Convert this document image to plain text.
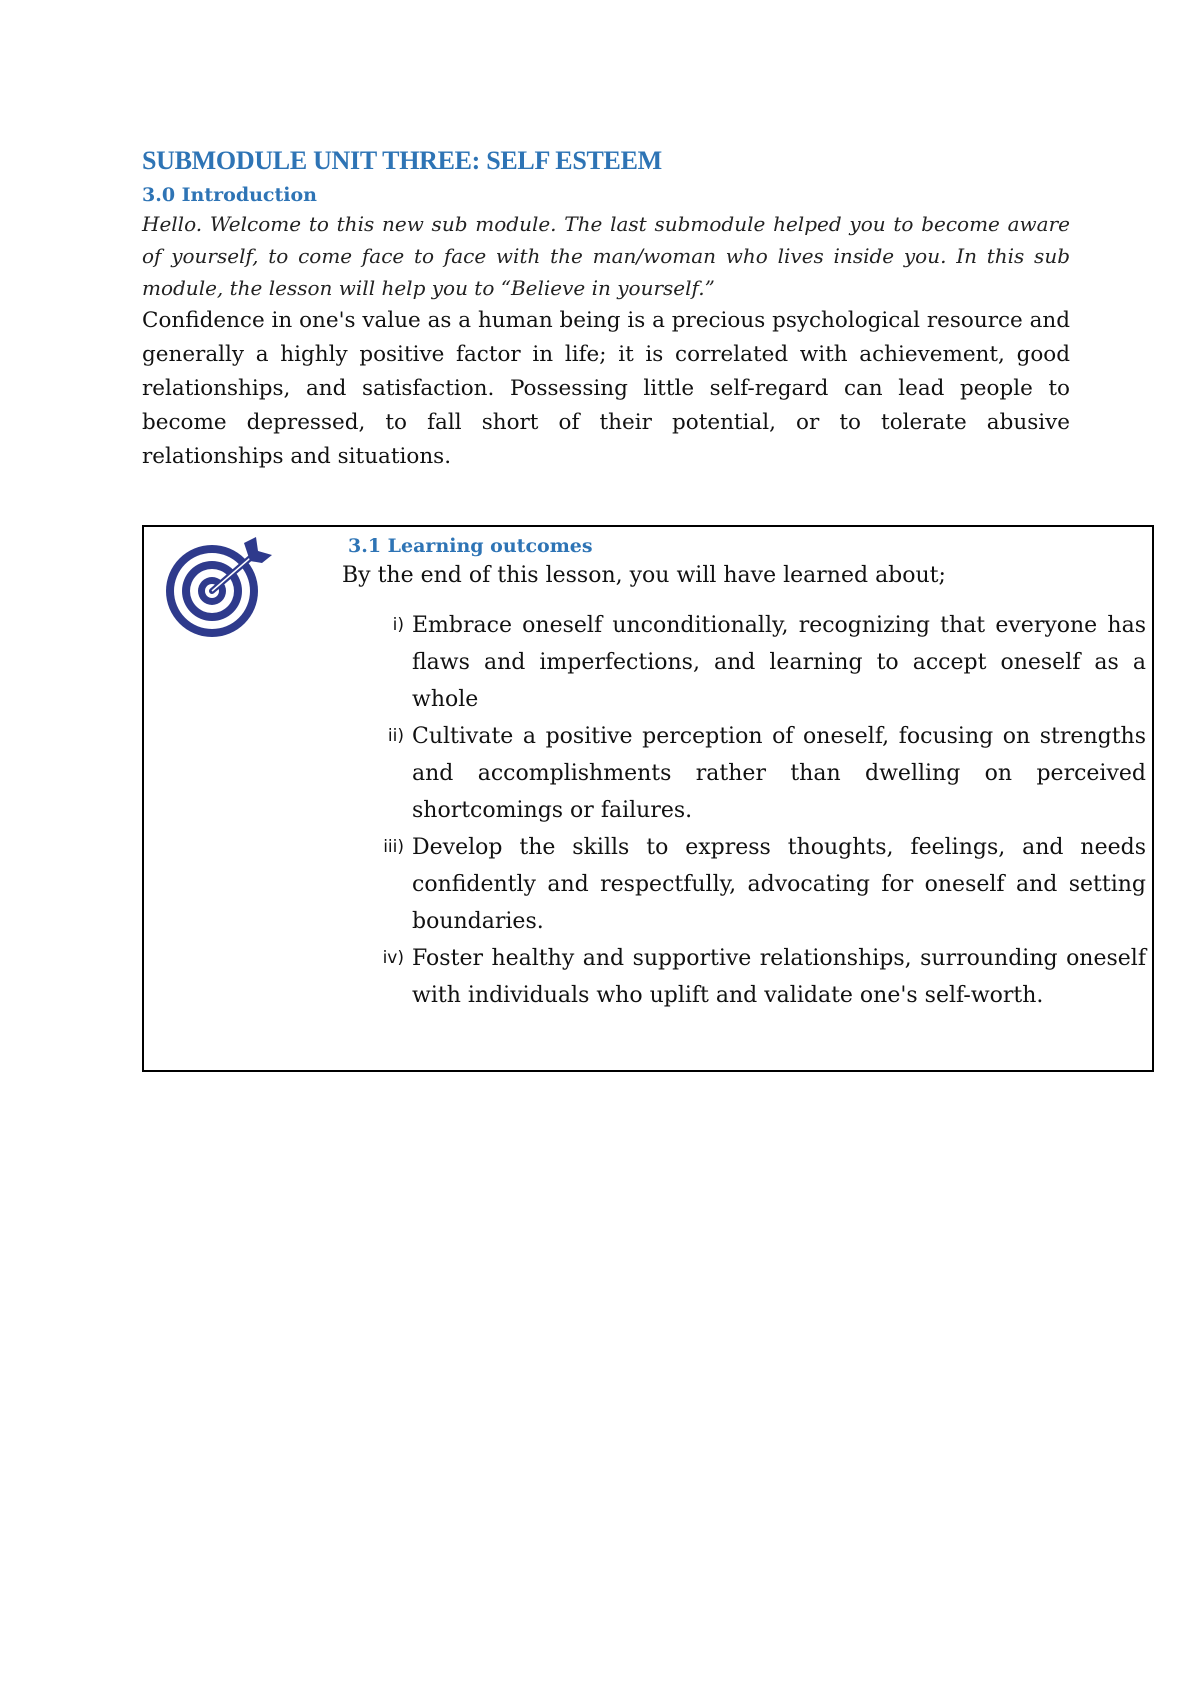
SUBMODULE UNIT THREE: SELF ESTEEM
3.0 Introduction

Hello. Welcome to this new sub module. The last submodule helped you to become aware of yourself, to come face to face with the man/woman who lives inside you. In this sub module, the lesson will help you to “Believe in yourself.”

Confidence in one's value as a human being is a precious psychological resource and generally a highly positive factor in life; it is correlated with achievement, good relationships, and satisfaction. Possessing little self-regard can lead people to become depressed, to fall short of their potential, or to tolerate abusive relationships and situations.

3.1 Learning outcomes
By the end of this lesson, you will have learned about;
i) Embrace oneself unconditionally, recognizing that everyone has flaws and imperfections, and learning to accept oneself as a whole
ii) Cultivate a positive perception of oneself, focusing on strengths and accomplishments rather than dwelling on perceived shortcomings or failures.
iii) Develop the skills to express thoughts, feelings, and needs confidently and respectfully, advocating for oneself and setting boundaries.
iv) Foster healthy and supportive relationships, surrounding oneself with individuals who uplift and validate one's self-worth.
